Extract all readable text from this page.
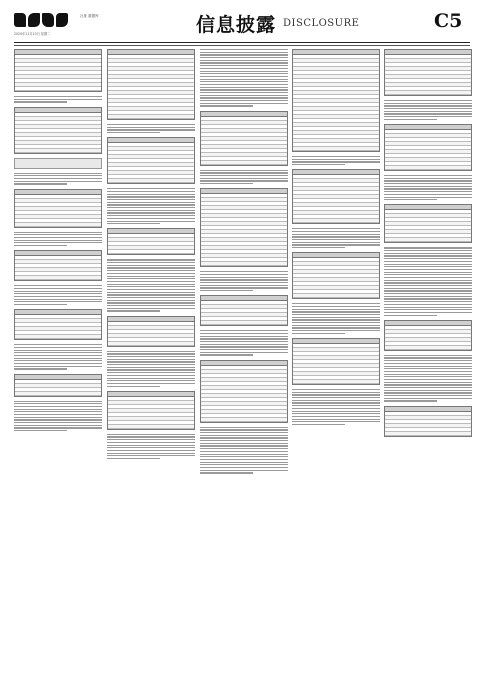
社址 数据库
2020年11月10日 星期二	信息披露 DISCLOSURE	C5
